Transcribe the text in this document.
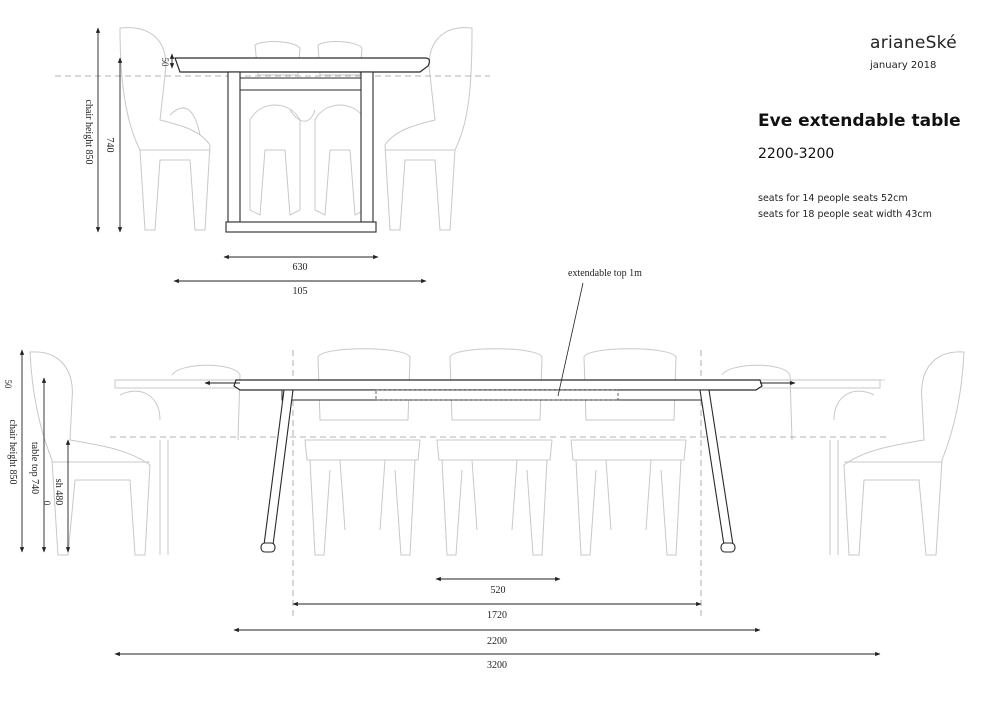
50
chair height 850 740
630
105
extendable top 1m
chair height 850
50
table top 740
0 sh 480
520
1720
2200
3200
arianeSké
january 2018
Eve extendable table
2200-3200
seats for 14 people seats 52cm
seats for 18 people seat width 43cm
